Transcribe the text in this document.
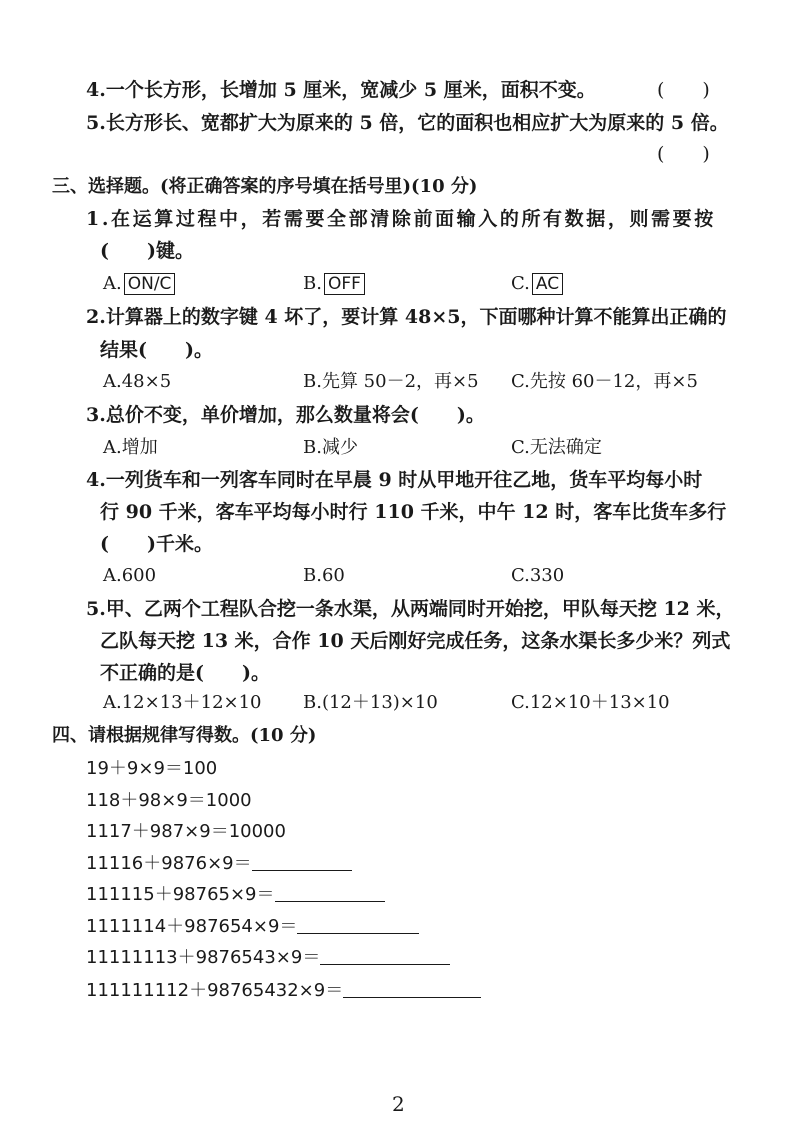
4.一个长方形，长增加 5 厘米，宽减少 5 厘米，面积不变。	(　　)
5.长方形长、宽都扩大为原来的 5 倍，它的面积也相应扩大为原来的 5 倍。
(　　)
三、选择题。(将正确答案的序号填在括号里)(10 分)
1.在运算过程中，若需要全部清除前面输入的所有数据，则需要按
(　　)键。
A. ON/C	B. OFF	C. AC
2.计算器上的数字键 4 坏了，要计算 48×5，下面哪种计算不能算出正确的
结果(　　)。
A.48×5	B.先算 50－2，再×5 C.先按 60－12，再×5
3.总价不变，单价增加，那么数量将会(　　)。
A.增加	B.减少	C.无法确定
4.一列货车和一列客车同时在早晨 9 时从甲地开往乙地，货车平均每小时
行 90 千米，客车平均每小时行 110 千米，中午 12 时，客车比货车多行
(　　)千米。
A.600	B.60	C.330
5.甲、乙两个工程队合挖一条水渠，从两端同时开始挖，甲队每天挖 12 米，
乙队每天挖 13 米，合作 10 天后刚好完成任务，这条水渠长多少米？列式
不正确的是(　　)。
A.12×13＋12×10 B.(12＋13)×10	C.12×10＋13×10
四、请根据规律写得数。(10 分)
19＋9×9＝100
118＋98×9＝1000
1117＋987×9＝10000
11116＋9876×9＝
111115＋98765×9＝
1111114＋987654×9＝
11111113＋9876543×9＝
111111112＋98765432×9＝
2
